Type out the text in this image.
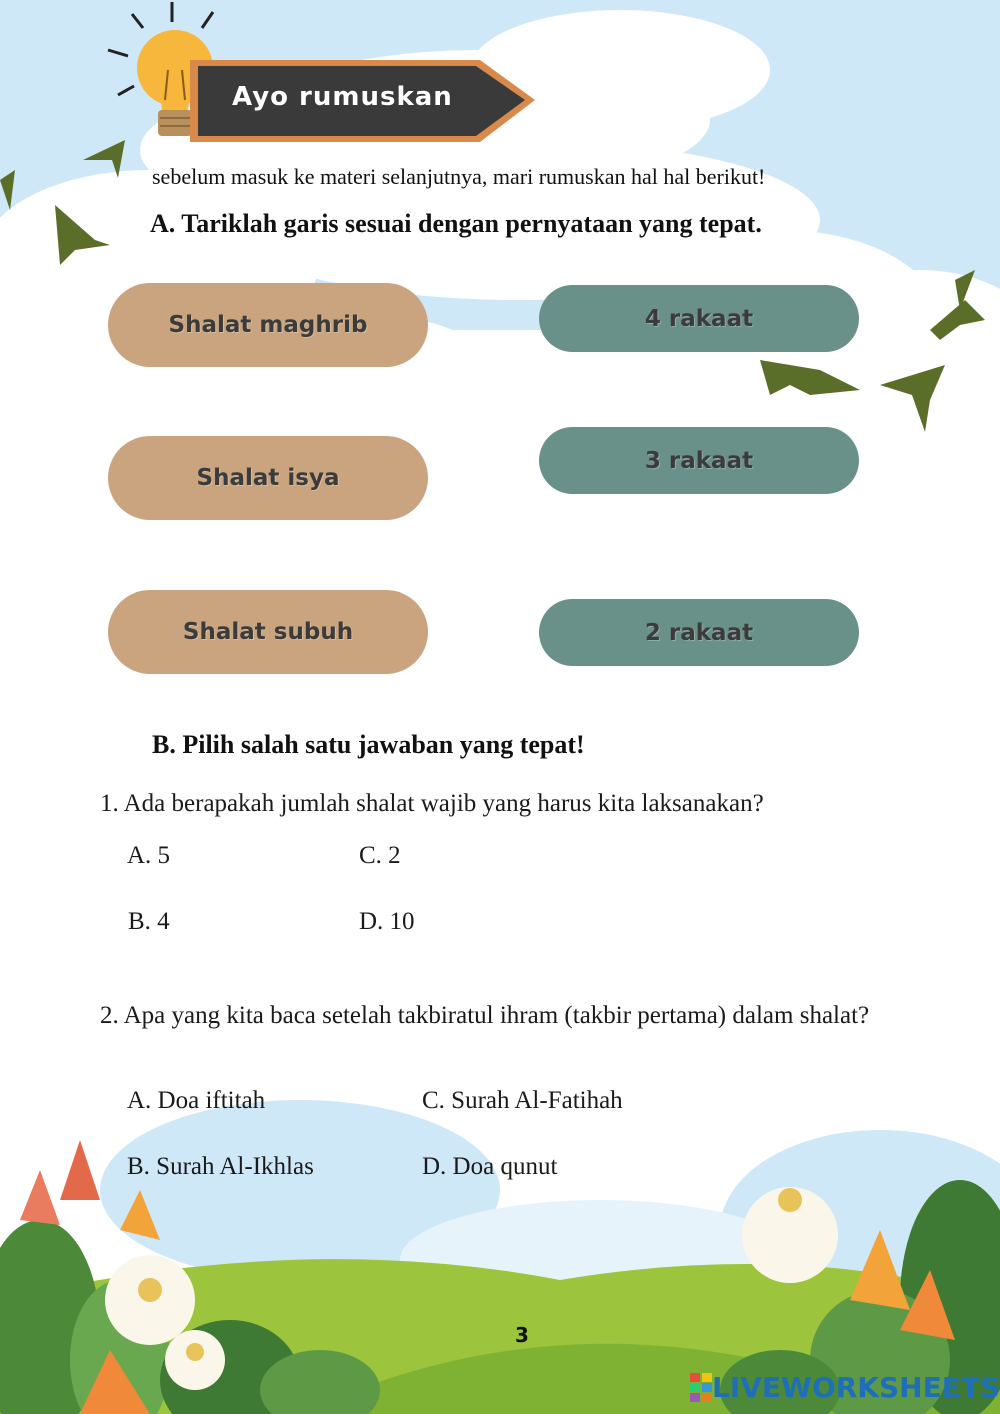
Ayo rumuskan
sebelum masuk ke materi selanjutnya, mari rumuskan hal hal berikut!
A. Tariklah garis sesuai dengan pernyataan yang tepat.
Shalat maghrib
Shalat isya
Shalat subuh
4 rakaat
3 rakaat
2 rakaat
B. Pilih salah satu jawaban yang tepat!
1. Ada berapakah jumlah shalat wajib yang harus kita laksanakan?
A. 5	C. 2
B. 4	D. 10
2. Apa yang kita baca setelah takbiratul ihram (takbir pertama) dalam shalat?
A. Doa iftitah	C. Surah Al-Fatihah
B. Surah Al-Ikhlas	D. Doa qunut
3
LIVEWORKSHEETS
